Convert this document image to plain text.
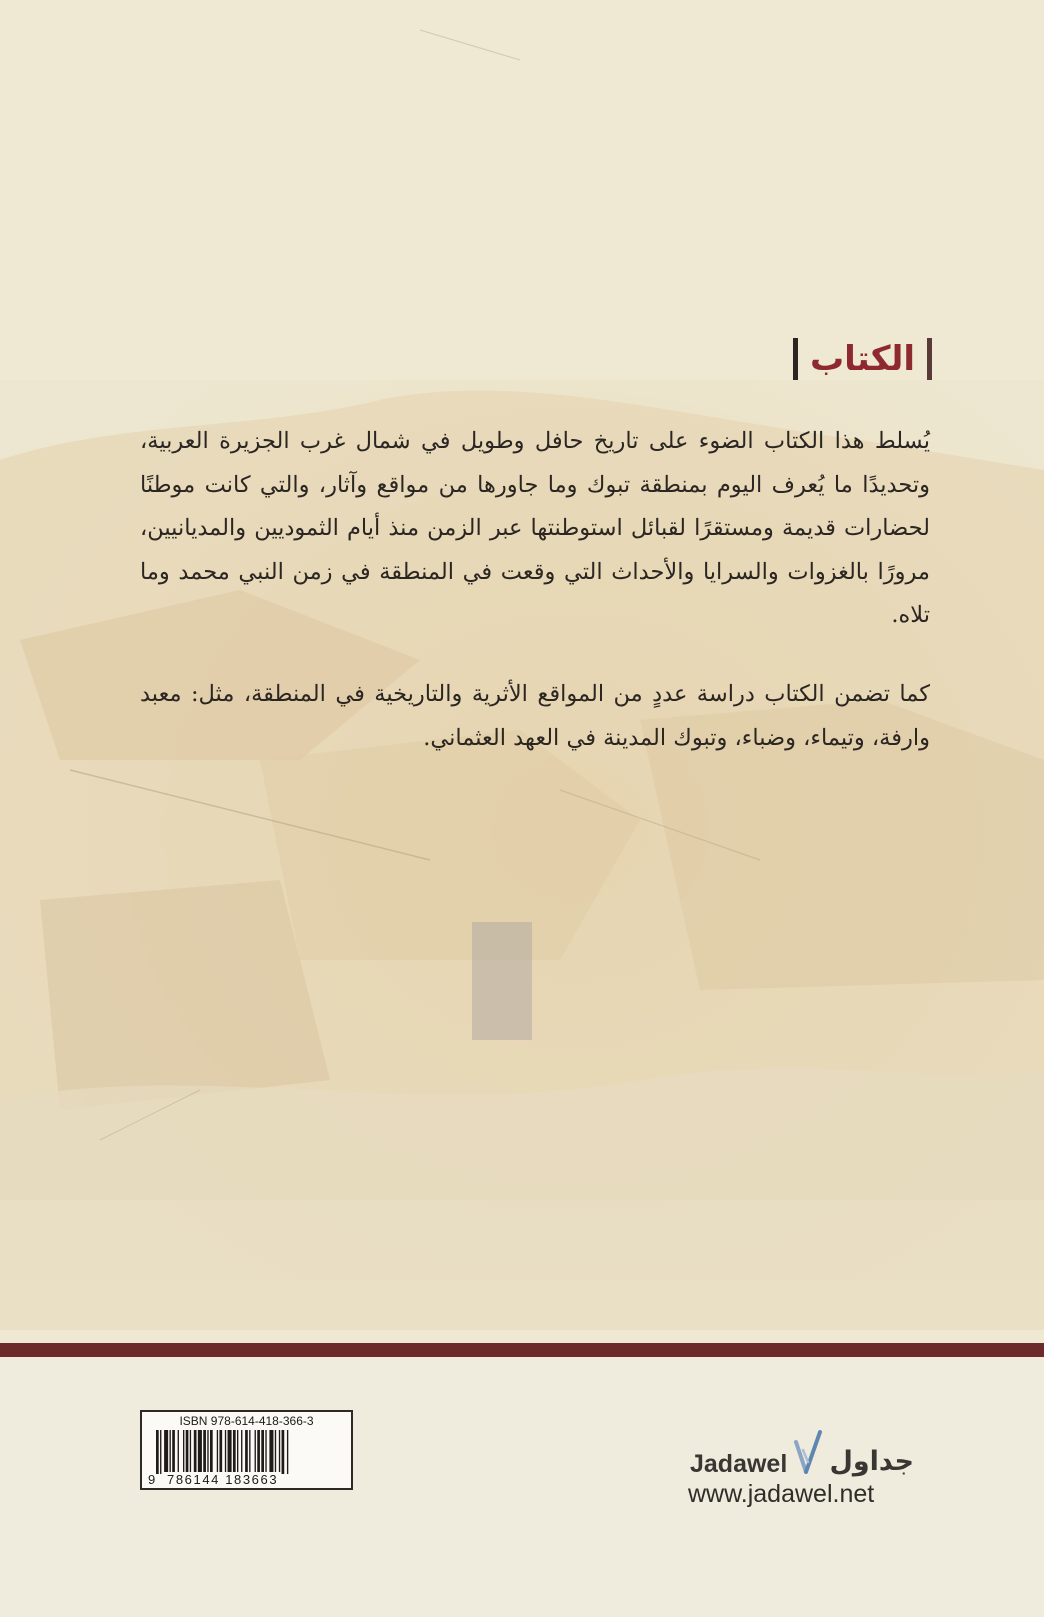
الكتاب
يُسلط هذا الكتاب الضوء على تاريخ حافل وطويل في شمال غرب الجزيرة العربية، وتحديدًا ما يُعرف اليوم بمنطقة تبوك وما جاورها من مواقع وآثار، والتي كانت موطنًا لحضارات قديمة ومستقرًا لقبائل استوطنتها عبر الزمن منذ أيام الثموديين والمديانيين، مرورًا بالغزوات والسرايا والأحداث التي وقعت في المنطقة في زمن النبي محمد وما تلاه.
كما تضمن الكتاب دراسة عددٍ من المواقع الأثرية والتاريخية في المنطقة، مثل: معبد وارفة، وتيماء، وضباء، وتبوك المدينة في العهد العثماني.
ISBN 978-614-418-366-3
9 786144 183663
Jadawel جداول
www.jadawel.net
